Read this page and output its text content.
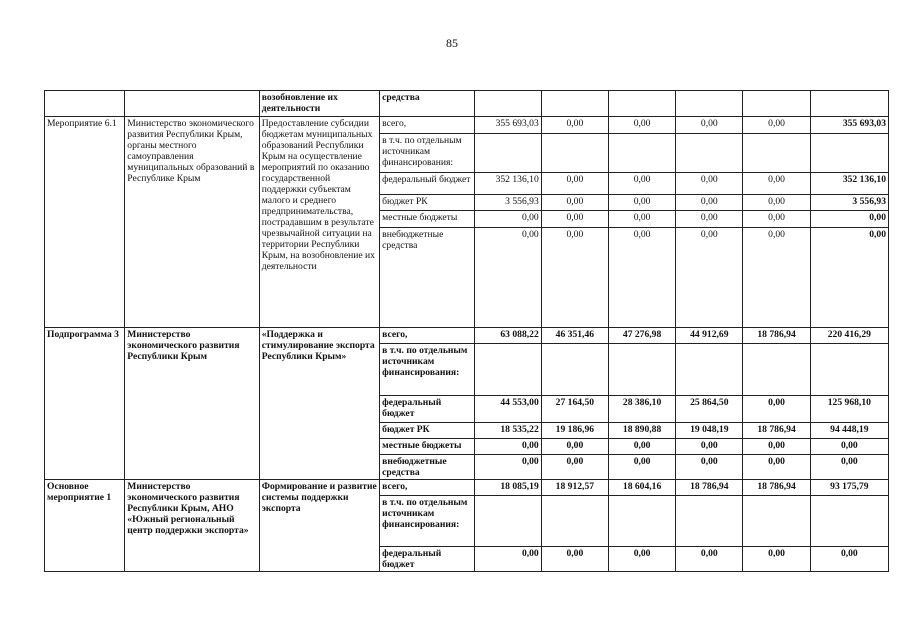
85
		возобновление их деятельности	средства						
Мероприятие 6.1	Министерство экономического развития Республики Крым, органы местного самоуправления муниципальных образований в Республике Крым	Предоставление субсидии бюджетам муниципальных образований Республики Крым на осуществление мероприятий по оказанию государственной поддержки субъектам малого и среднего предпринимательства, пострадавшим в результате чрезвычайной ситуации на территории Республики Крым, на возобновление их деятельности	всего,	355 693,03	0,00	0,00	0,00	0,00	355 693,03
			в т.ч. по отдельным источникам финансирования:						
			федеральный бюджет	352 136,10	0,00	0,00	0,00	0,00	352 136,10
			бюджет РК	3 556,93	0,00	0,00	0,00	0,00	3 556,93
			местные бюджеты	0,00	0,00	0,00	0,00	0,00	0,00
			внебюджетные средства	0,00	0,00	0,00	0,00	0,00	0,00
Подпрограмма 3	Министерство экономического развития Республики Крым	«Поддержка и стимулирование экспорта Республики Крым»	всего,	63 088,22	46 351,46	47 276,98	44 912,69	18 786,94	220 416,29
			в т.ч. по отдельным источникам финансирования:						
			федеральный бюджет	44 553,00	27 164,50	28 386,10	25 864,50	0,00	125 968,10
			бюджет РК	18 535,22	19 186,96	18 890,88	19 048,19	18 786,94	94 448,19
			местные бюджеты	0,00	0,00	0,00	0,00	0,00	0,00
			внебюджетные средства	0,00	0,00	0,00	0,00	0,00	0,00
Основное мероприятие 1	Министерство экономического развития Республики Крым, АНО «Южный региональный центр поддержки экспорта»	Формирование и развитие системы поддержки экспорта	всего,	18 085,19	18 912,57	18 604,16	18 786,94	18 786,94	93 175,79
			в т.ч. по отдельным источникам финансирования:						
			федеральный бюджет	0,00	0,00	0,00	0,00	0,00	0,00
